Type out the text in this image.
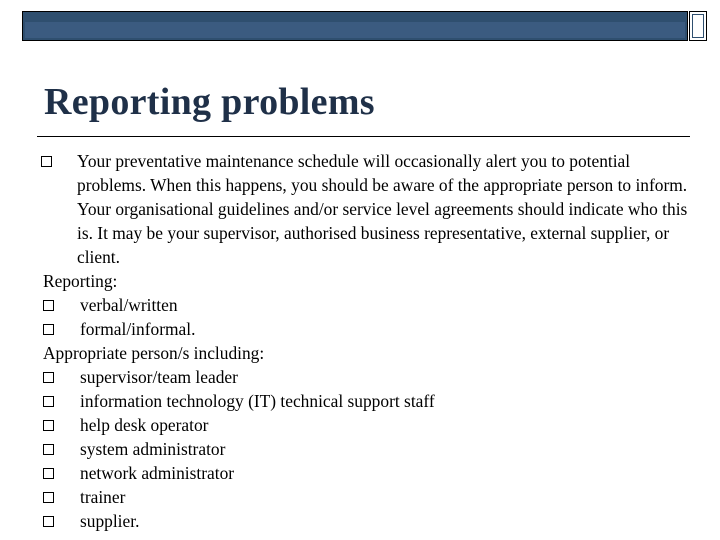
Reporting problems
Your preventative maintenance schedule will occasionally alert you to potential problems. When this happens, you should be aware of the appropriate person to inform. Your organisational guidelines and/or service level agreements should indicate who this is. It may be your supervisor, authorised business representative, external supplier, or client.
Reporting:
verbal/written
formal/informal.
Appropriate person/s including:
supervisor/team leader
information technology (IT) technical support staff
help desk operator
system administrator
network administrator
trainer
supplier.
